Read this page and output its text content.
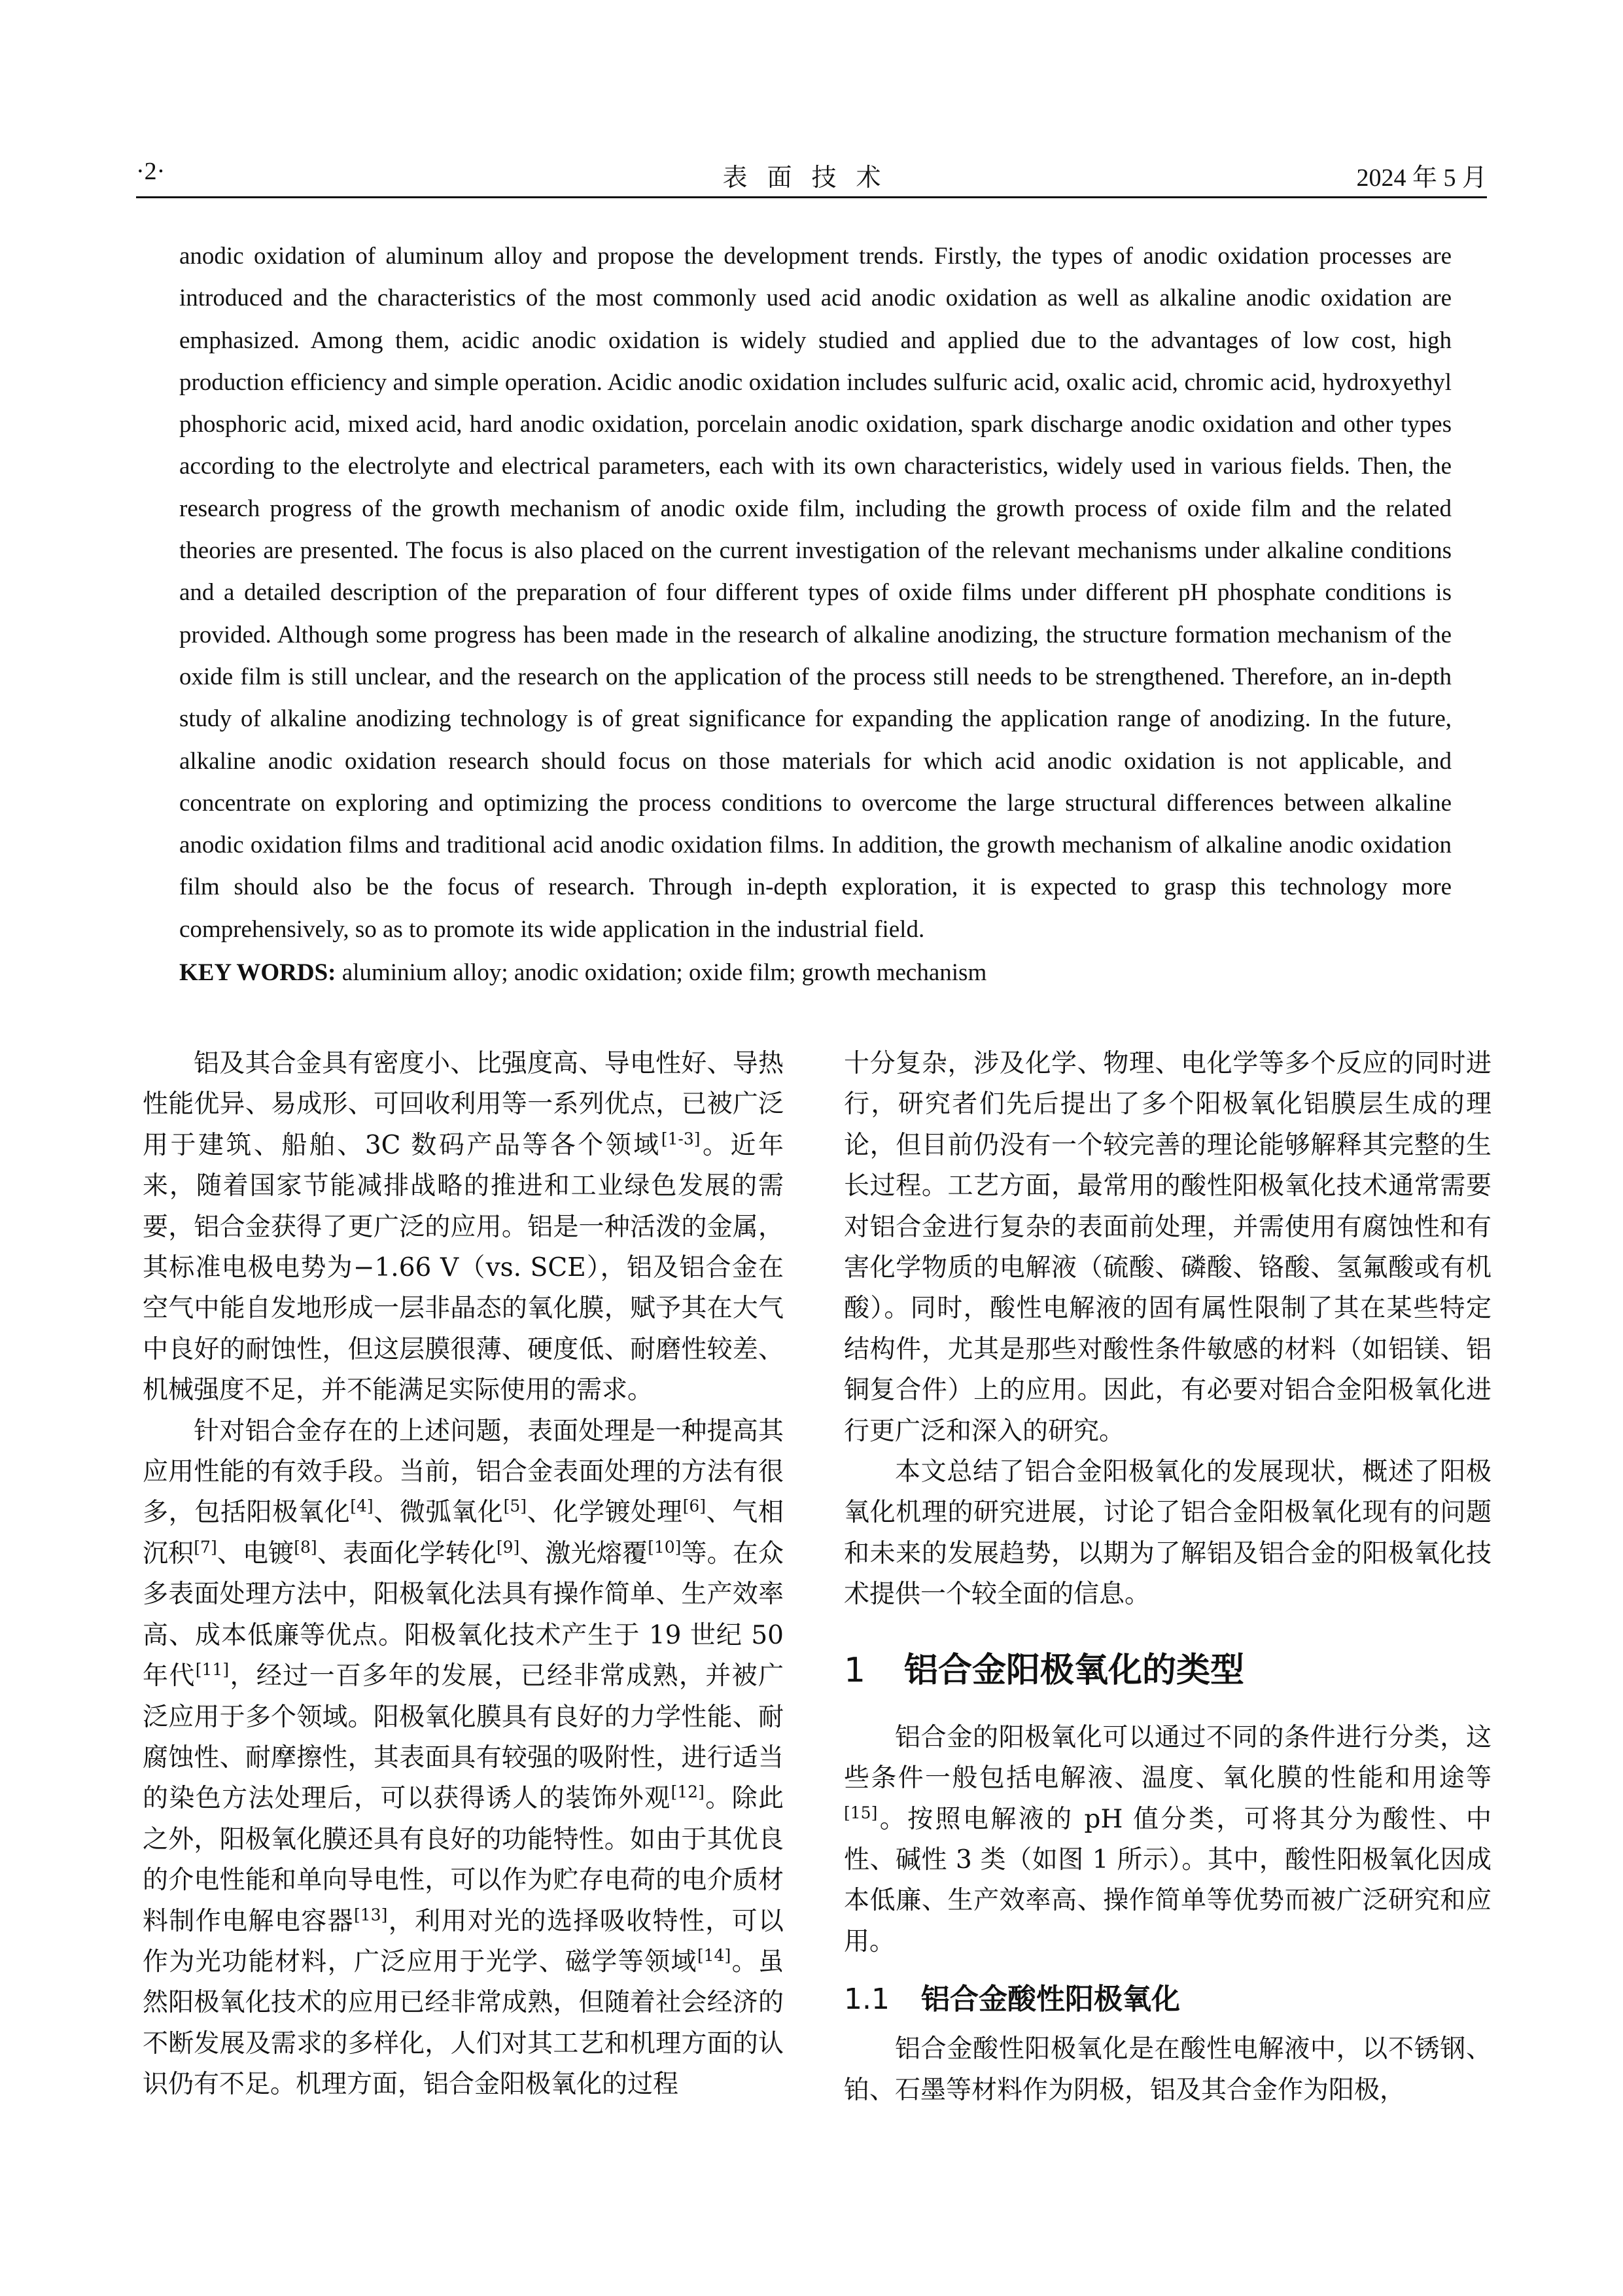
·2·	表面技术	2024 年 5 月

anodic oxidation of aluminum alloy and propose the development trends. Firstly, the types of anodic oxidation processes are introduced and the characteristics of the most commonly used acid anodic oxidation as well as alkaline anodic oxidation are emphasized. Among them, acidic anodic oxidation is widely studied and applied due to the advantages of low cost, high production efficiency and simple operation. Acidic anodic oxidation includes sulfuric acid, oxalic acid, chromic acid, hydroxyethyl phosphoric acid, mixed acid, hard anodic oxidation, porcelain anodic oxidation, spark discharge anodic oxidation and other types according to the electrolyte and electrical parameters, each with its own characteristics, widely used in various fields. Then, the research progress of the growth mechanism of anodic oxide film, including the growth process of oxide film and the related theories are presented. The focus is also placed on the current investigation of the relevant mechanisms under alkaline conditions and a detailed description of the preparation of four different types of oxide films under different pH phosphate conditions is provided. Although some progress has been made in the research of alkaline anodizing, the structure formation mechanism of the oxide film is still unclear, and the research on the application of the process still needs to be strengthened. Therefore, an in-depth study of alkaline anodizing technology is of great significance for expanding the application range of anodizing. In the future, alkaline anodic oxidation research should focus on those materials for which acid anodic oxidation is not applicable, and concentrate on exploring and optimizing the process conditions to overcome the large structural differences between alkaline anodic oxidation films and traditional acid anodic oxidation films. In addition, the growth mechanism of alkaline anodic oxidation film should also be the focus of research. Through in-depth exploration, it is expected to grasp this technology more comprehensively, so as to promote its wide application in the industrial field.

KEY WORDS: aluminium alloy; anodic oxidation; oxide film; growth mechanism

铝及其合金具有密度小、比强度高、导电性好、导热性能优异、易成形、可回收利用等一系列优点，已被广泛用于建筑、船舶、3C 数码产品等各个领域[1-3]。近年来，随着国家节能减排战略的推进和工业绿色发展的需要，铝合金获得了更广泛的应用。铝是一种活泼的金属，其标准电极电势为−1.66 V（vs. SCE），铝及铝合金在空气中能自发地形成一层非晶态的氧化膜，赋予其在大气中良好的耐蚀性，但这层膜很薄、硬度低、耐磨性较差、机械强度不足，并不能满足实际使用的需求。

针对铝合金存在的上述问题，表面处理是一种提高其应用性能的有效手段。当前，铝合金表面处理的方法有很多，包括阳极氧化[4]、微弧氧化[5]、化学镀处理[6]、气相沉积[7]、电镀[8]、表面化学转化[9]、激光熔覆[10]等。在众多表面处理方法中，阳极氧化法具有操作简单、生产效率高、成本低廉等优点。阳极氧化技术产生于 19 世纪 50 年代[11]，经过一百多年的发展，已经非常成熟，并被广泛应用于多个领域。阳极氧化膜具有良好的力学性能、耐腐蚀性、耐摩擦性，其表面具有较强的吸附性，进行适当的染色方法处理后，可以获得诱人的装饰外观[12]。除此之外，阳极氧化膜还具有良好的功能特性。如由于其优良的介电性能和单向导电性，可以作为贮存电荷的电介质材料制作电解电容器[13]，利用对光的选择吸收特性，可以作为光功能材料，广泛应用于光学、磁学等领域[14]。虽然阳极氧化技术的应用已经非常成熟，但随着社会经济的不断发展及需求的多样化，人们对其工艺和机理方面的认识仍有不足。机理方面，铝合金阳极氧化的过程

十分复杂，涉及化学、物理、电化学等多个反应的同时进行，研究者们先后提出了多个阳极氧化铝膜层生成的理论，但目前仍没有一个较完善的理论能够解释其完整的生长过程。工艺方面，最常用的酸性阳极氧化技术通常需要对铝合金进行复杂的表面前处理，并需使用有腐蚀性和有害化学物质的电解液（硫酸、磷酸、铬酸、氢氟酸或有机酸）。同时，酸性电解液的固有属性限制了其在某些特定结构件，尤其是那些对酸性条件敏感的材料（如铝镁、铝铜复合件）上的应用。因此，有必要对铝合金阳极氧化进行更广泛和深入的研究。

本文总结了铝合金阳极氧化的发展现状，概述了阳极氧化机理的研究进展，讨论了铝合金阳极氧化现有的问题和未来的发展趋势，以期为了解铝及铝合金的阳极氧化技术提供一个较全面的信息。

1 铝合金阳极氧化的类型

铝合金的阳极氧化可以通过不同的条件进行分类，这些条件一般包括电解液、温度、氧化膜的性能和用途等[15]。按照电解液的 pH 值分类，可将其分为酸性、中性、碱性 3 类（如图 1 所示）。其中，酸性阳极氧化因成本低廉、生产效率高、操作简单等优势而被广泛研究和应用。

1.1 铝合金酸性阳极氧化

铝合金酸性阳极氧化是在酸性电解液中，以不锈钢、铂、石墨等材料作为阴极，铝及其合金作为阳极，
